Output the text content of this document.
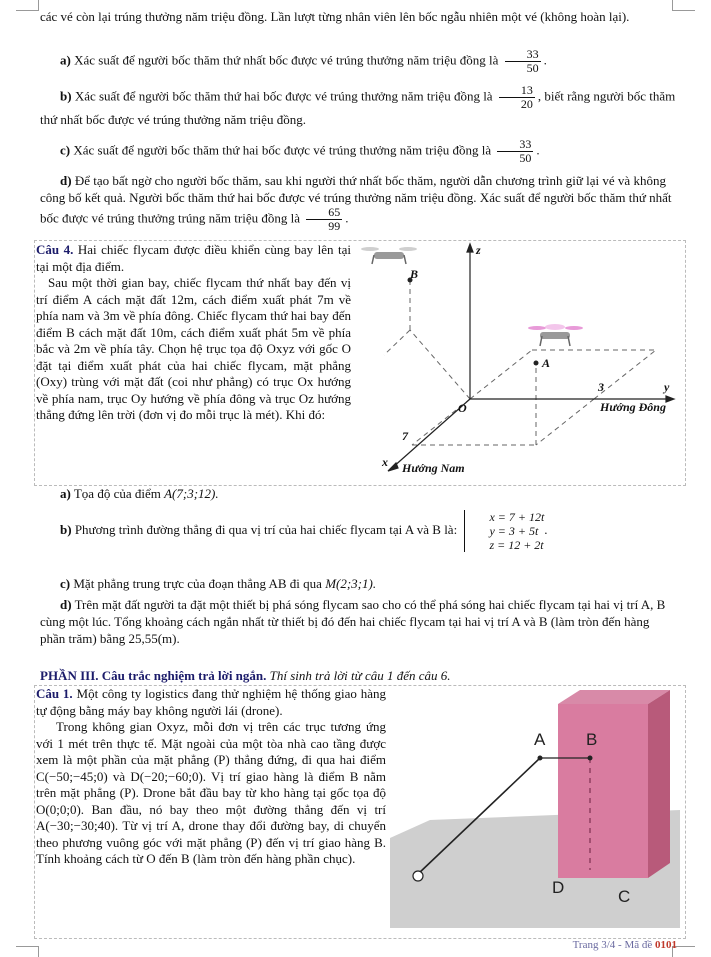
các vé còn lại trúng thưởng năm triệu đồng. Lần lượt từng nhân viên lên bốc ngẫu nhiên một vé (không hoàn lại).
a) Xác suất để người bốc thăm thứ nhất bốc được vé trúng thưởng năm triệu đồng là $\frac{33}{50}$ .
b) Xác suất để người bốc thăm thứ hai bốc được vé trúng thưởng năm triệu đồng là $\frac{13}{20}$ , biết rằng người bốc thăm thứ nhất bốc được vé trúng thưởng năm triệu đồng.
c) Xác suất để người bốc thăm thứ hai bốc được vé trúng thưởng năm triệu đồng là $\frac{33}{50}$ .
d) Để tạo bất ngờ cho người bốc thăm, sau khi người thứ nhất bốc thăm, người dẫn chương trình giữ lại vé và không công bố kết quả. Người bốc thăm thứ hai bốc được vé trúng thưởng năm triệu đồng. Xác suất để người bốc thăm thứ nhất bốc được vé trúng thưởng trúng năm triệu đồng là $\frac{65}{99}$ .
Câu 4. Hai chiếc flycam được điều khiển cùng bay lên tại tại một địa điểm.
Sau một thời gian bay, chiếc flycam thứ nhất bay đến vị trí điểm A cách mặt đất 12m, cách điểm xuất phát 7m về phía nam và 3m về phía đông. Chiếc flycam thứ hai bay đến điểm B cách mặt đất 10m, cách điểm xuất phát 5m về phía bắc và 2m về phía tây. Chọn hệ trục tọa độ Oxyz với gốc O đặt tại điểm xuất phát của hai chiếc flycam, mặt phẳng (Oxy) trùng với mặt đất (coi như phẳng) có trục Ox hướng về phía nam, trục Oy hướng về phía đông và trục Oz hướng thẳng đứng lên trời (đơn vị đo mỗi trục là mét). Khi đó:
z
y
x
O
A
B
3
7
Hướng Đông
Hướng Nam
a) Tọa độ của điểm A(7;3;12).
b) Phương trình đường thẳng đi qua vị trí của hai chiếc flycam tại A và B là:
x = 7 + 12t
y = 3 + 5t
z = 12 + 2t
.
c) Mặt phẳng trung trực của đoạn thẳng AB đi qua M(2;3;1).
d) Trên mặt đất người ta đặt một thiết bị phá sóng flycam sao cho có thể phá sóng hai chiếc flycam tại hai vị trí A, B cùng một lúc. Tổng khoảng cách ngắn nhất từ thiết bị đó đến hai chiếc flycam tại hai vị trí A và B (làm tròn đến hàng phần trăm) bằng 25,55(m).
PHẦN III. Câu trắc nghiệm trả lời ngắn. Thí sinh trả lời từ câu 1 đến câu 6.
Câu 1. Một công ty logistics đang thử nghiệm hệ thống giao hàng tự động bằng máy bay không người lái (drone).
Trong không gian Oxyz, mỗi đơn vị trên các trục tương ứng với 1 mét trên thực tế. Mặt ngoài của một tòa nhà cao tầng được xem là một phần của mặt phẳng (P) thẳng đứng, đi qua hai điểm C(−50;−45;0) và D(−20;−60;0). Vị trí giao hàng là điểm B nằm trên mặt phẳng (P). Drone bắt đầu bay từ kho hàng tại gốc tọa độ O(0;0;0). Ban đầu, nó bay theo một đường thẳng đến vị trí A(−30;−30;40). Từ vị trí A, drone thay đổi đường bay, di chuyển theo phương vuông góc với mặt phẳng (P) đến vị trí giao hàng B. Tính khoảng cách từ O đến B (làm tròn đến hàng phần chục).
A B
D	C
Trang 3/4 - Mã đề 0101
